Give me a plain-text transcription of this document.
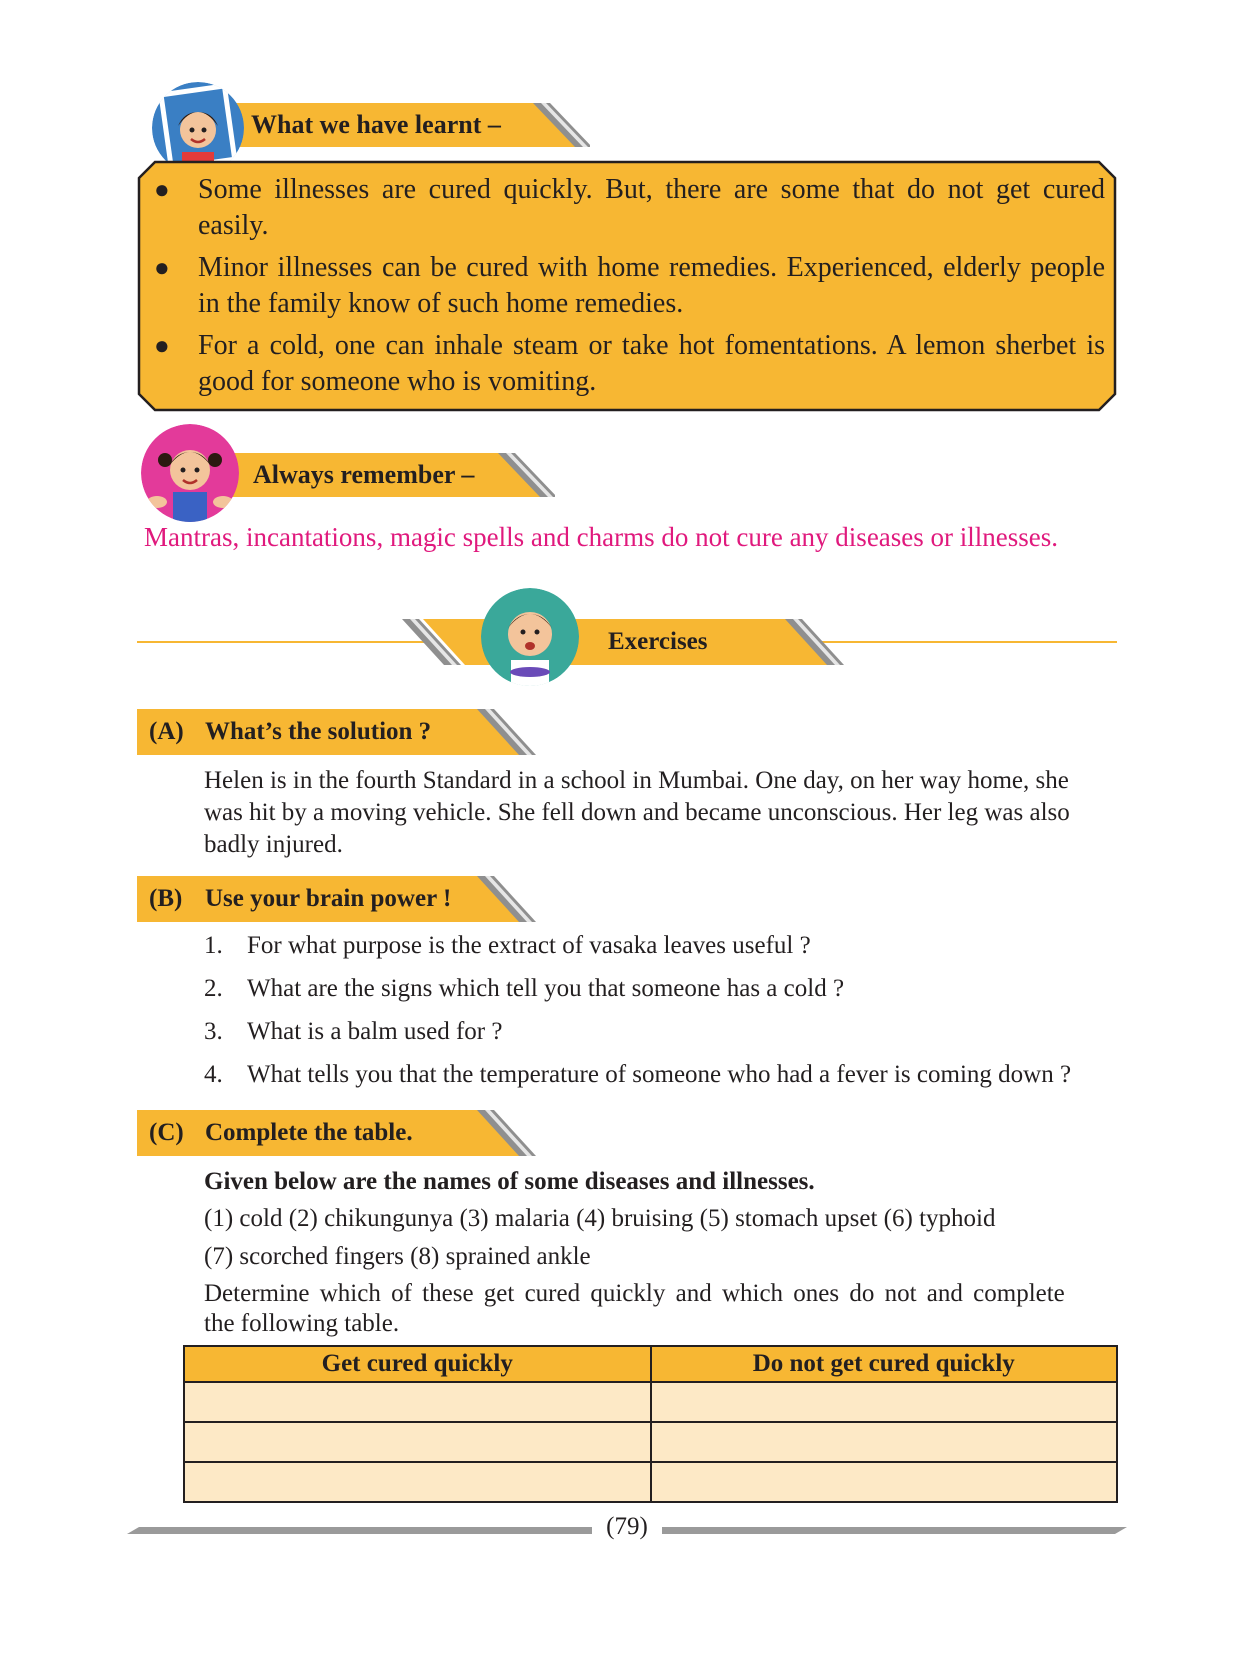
What we have learnt –
● Some illnesses are cured quickly. But, there are some that do not get cured easily.
● Minor illnesses can be cured with home remedies. Experienced, elderly people in the family know of such home remedies.
● For a cold, one can inhale steam or take hot fomentations. A lemon sherbet is good for someone who is vomiting.
Always remember –
Mantras, incantations, magic spells and charms do not cure any diseases or illnesses.
Exercises
(A) What’s the solution ?
Helen is in the fourth Standard in a school in Mumbai. One day, on her way home, she
was hit by a moving vehicle. She fell down and became unconscious. Her leg was also
badly injured.
(B) Use your brain power !
1. For what purpose is the extract of vasaka leaves useful ?
2. What are the signs which tell you that someone has a cold ?
3. What is a balm used for ?
4. What tells you that the temperature of someone who had a fever is coming down ?
(C) Complete the table.
Given below are the names of some diseases and illnesses.
(1) cold (2) chikungunya (3) malaria (4) bruising (5) stomach upset (6) typhoid
(7) scorched fingers (8) sprained ankle
Determine which of these get cured quickly and which ones do not and complete
the following table.
Get cured quickly	Do not get cured quickly

(79)
